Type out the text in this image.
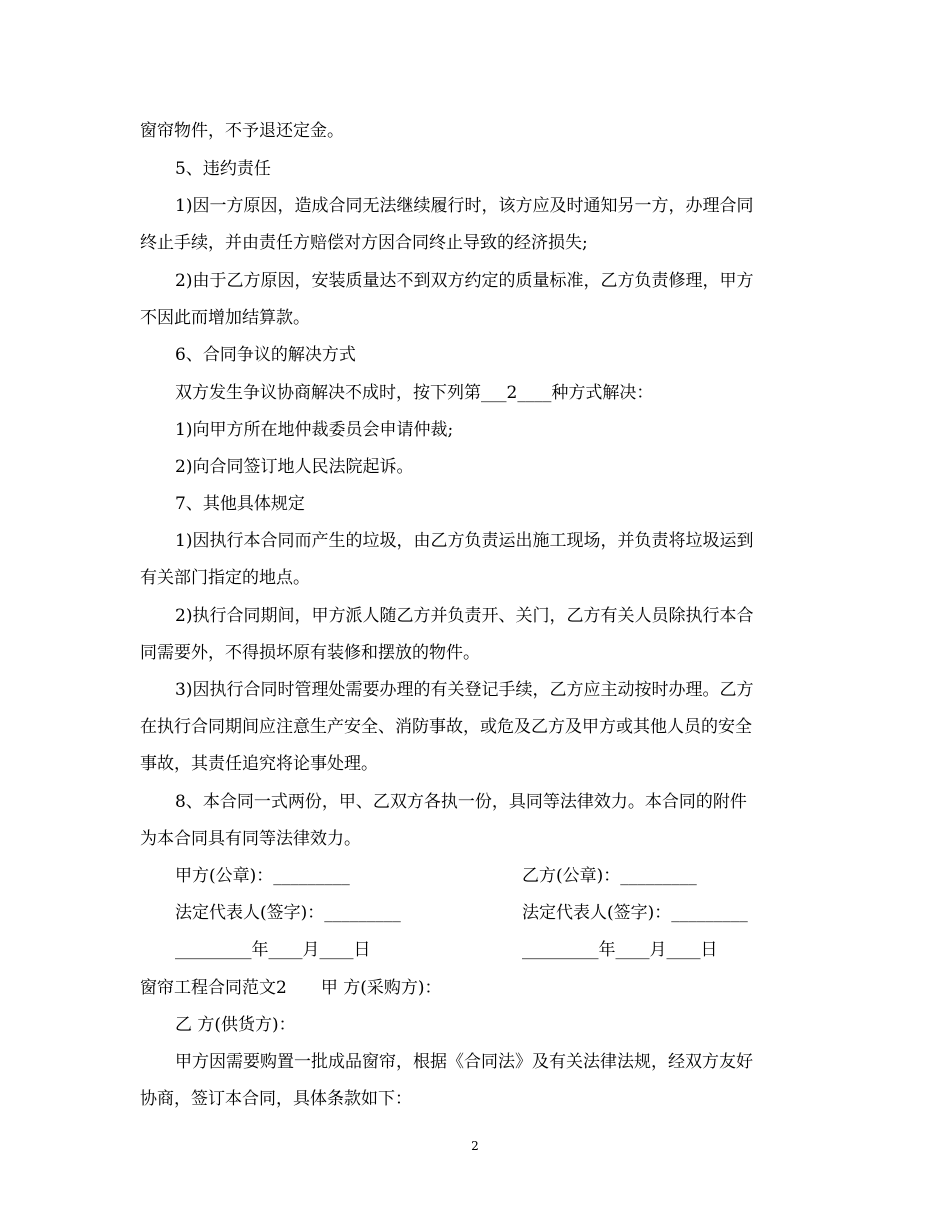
窗帘物件，不予退还定金。
5、违约责任
1)因一方原因，造成合同无法继续履行时，该方应及时通知另一方，办理合同
终止手续，并由责任方赔偿对方因合同终止导致的经济损失;
2)由于乙方原因，安装质量达不到双方约定的质量标准，乙方负责修理，甲方
不因此而增加结算款。
6、合同争议的解决方式
双方发生争议协商解决不成时，按下列第___2____种方式解决：
1)向甲方所在地仲裁委员会申请仲裁;
2)向合同签订地人民法院起诉。
7、其他具体规定
1)因执行本合同而产生的垃圾，由乙方负责运出施工现场，并负责将垃圾运到
有关部门指定的地点。
2)执行合同期间，甲方派人随乙方并负责开、关门，乙方有关人员除执行本合
同需要外，不得损坏原有装修和摆放的物件。
3)因执行合同时管理处需要办理的有关登记手续，乙方应主动按时办理。乙方
在执行合同期间应注意生产安全、消防事故，或危及乙方及甲方或其他人员的安全
事故，其责任追究将论事处理。
8、本合同一式两份，甲、乙双方各执一份，具同等法律效力。本合同的附件
为本合同具有同等法律效力。
甲方(公章)：_________	乙方(公章)：_________
法定代表人(签字)：_________	法定代表人(签字)：_________
_________年____月____日	_________年____月____日
窗帘工程合同范文2　　甲 方(采购方)：
乙 方(供货方)：
甲方因需要购置一批成品窗帘，根据《合同法》及有关法律法规，经双方友好
协商，签订本合同，具体条款如下：
2
